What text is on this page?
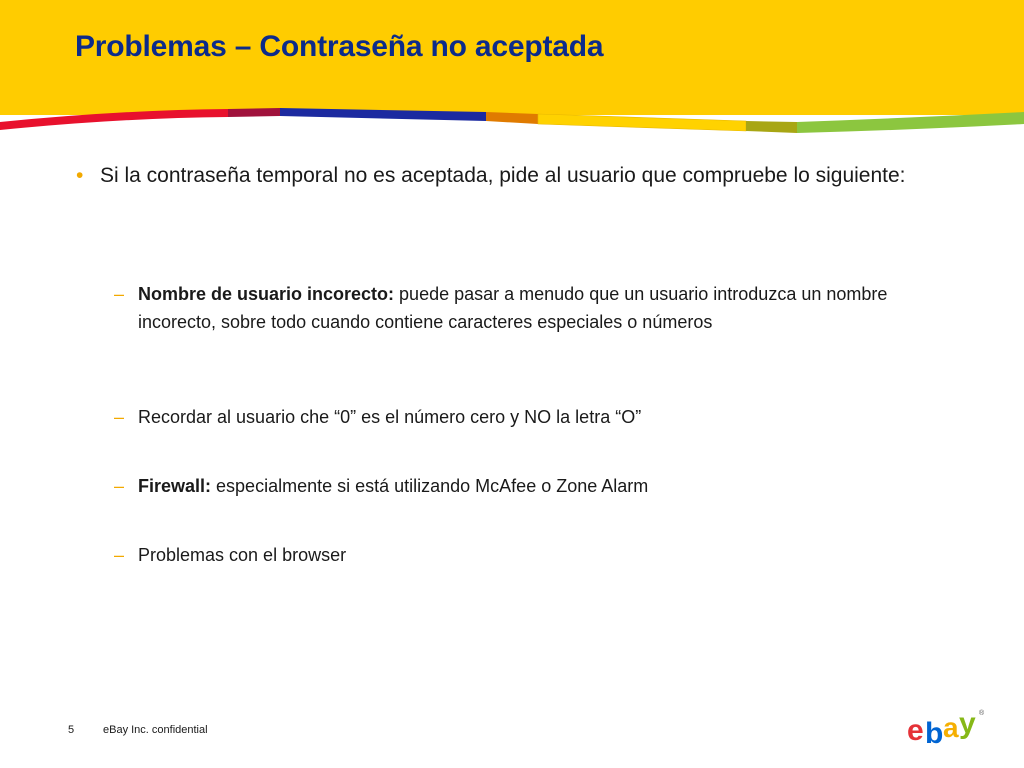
Problemas – Contraseña no aceptada
• Si la contraseña temporal no es aceptada, pide al usuario que compruebe lo siguiente:
– Nombre de usuario incorecto: puede pasar a menudo que un usuario introduzca un nombre incorecto, sobre todo cuando contiene caracteres especiales o números
– Recordar al usuario che “0” es el número cero y NO la letra “O”
– Firewall: especialmente si está utilizando McAfee o Zone Alarm
– Problemas con el browser
5	eBay Inc. confidential	e b a y ®
